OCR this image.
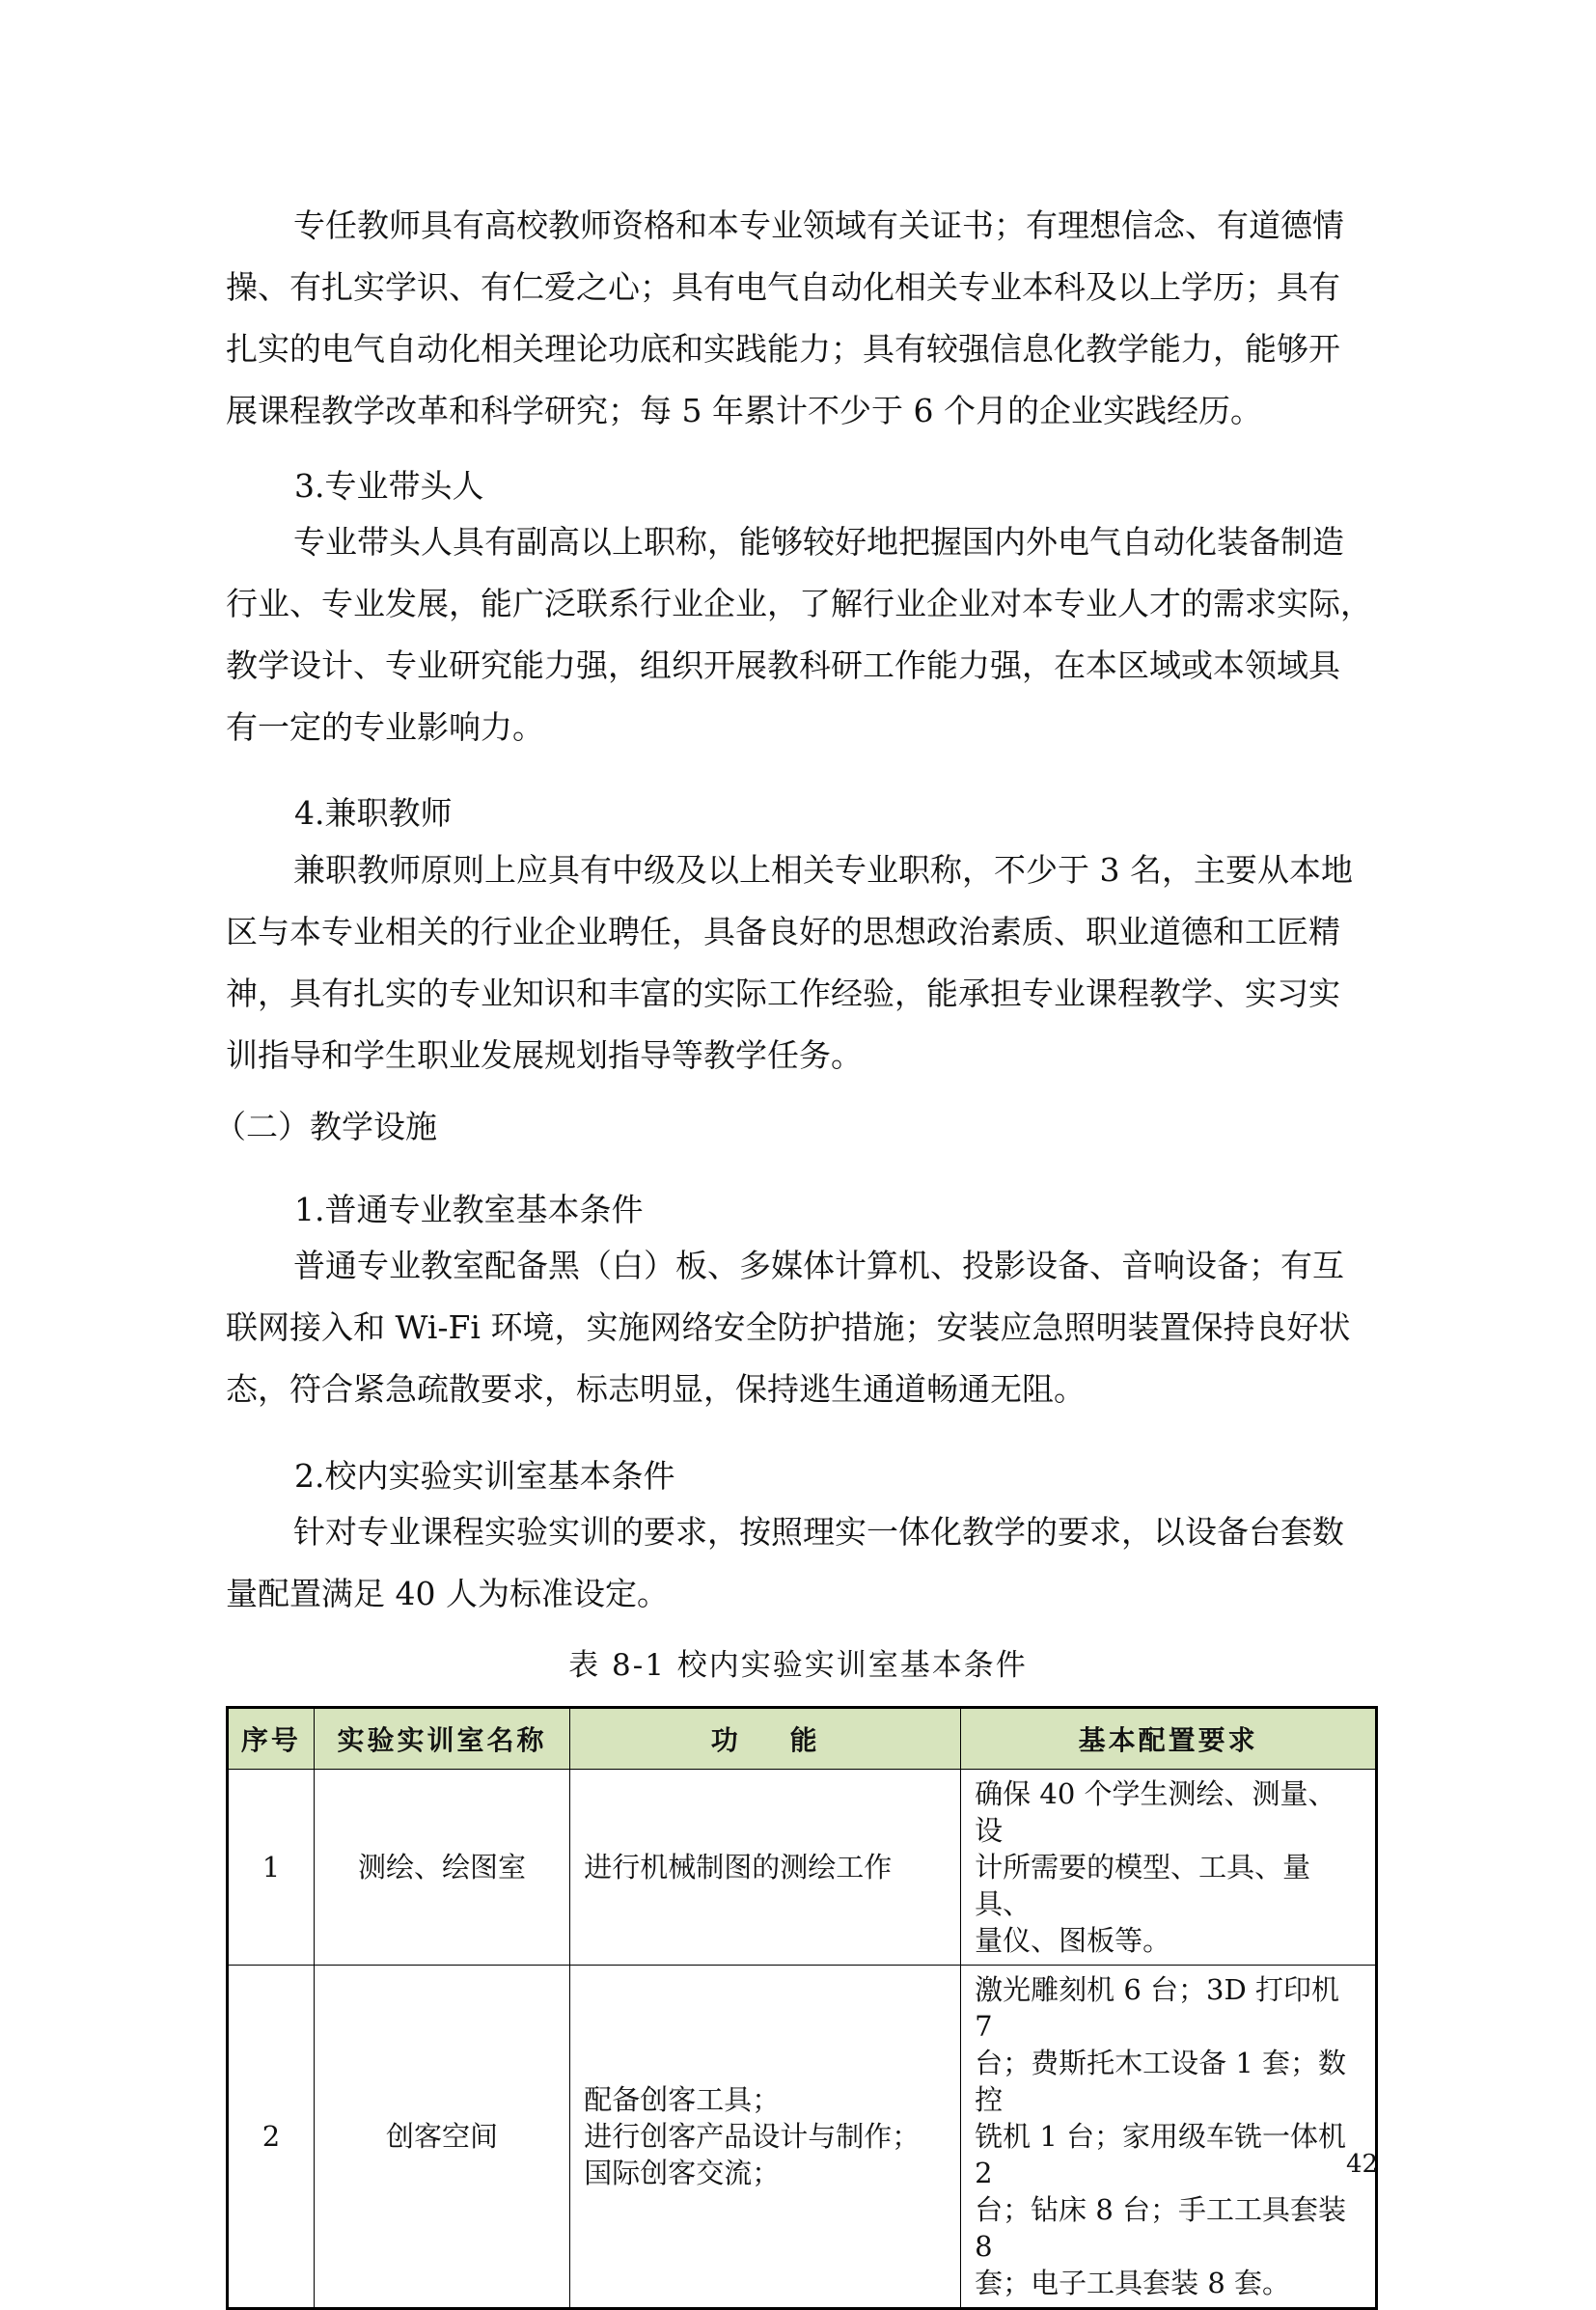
专任教师具有高校教师资格和本专业领域有关证书；有理想信念、有道德情
操、有扎实学识、有仁爱之心；具有电气自动化相关专业本科及以上学历；具有
扎实的电气自动化相关理论功底和实践能力；具有较强信息化教学能力，能够开
展课程教学改革和科学研究；每 5 年累计不少于 6 个月的企业实践经历。
3.专业带头人
专业带头人具有副高以上职称，能够较好地把握国内外电气自动化装备制造
行业、专业发展，能广泛联系行业企业，了解行业企业对本专业人才的需求实际，
教学设计、专业研究能力强，组织开展教科研工作能力强，在本区域或本领域具
有一定的专业影响力。
4.兼职教师
兼职教师原则上应具有中级及以上相关专业职称，不少于 3 名，主要从本地
区与本专业相关的行业企业聘任，具备良好的思想政治素质、职业道德和工匠精
神，具有扎实的专业知识和丰富的实际工作经验，能承担专业课程教学、实习实
训指导和学生职业发展规划指导等教学任务。
（二）教学设施
1.普通专业教室基本条件
普通专业教室配备黑（白）板、多媒体计算机、投影设备、音响设备；有互
联网接入和 Wi-Fi 环境，实施网络安全防护措施；安装应急照明装置保持良好状
态，符合紧急疏散要求，标志明显，保持逃生通道畅通无阻。
2.校内实验实训室基本条件
针对专业课程实验实训的要求，按照理实一体化教学的要求，以设备台套数
量配置满足 40 人为标准设定。
表 8-1 校内实验实训室基本条件
序号	实验实训室名称	功    能	基本配置要求
1	测绘、绘图室	进行机械制图的测绘工作	确保 40 个学生测绘、测量、设
计所需要的模型、工具、量具、
量仪、图板等。

2	创客空间	配备创客工具；
进行创客产品设计与制作；
国际创客交流；	激光雕刻机 6 台；3D 打印机 7
台；费斯托木工设备 1 套；数控
铣机 1 台；家用级车铣一体机 2
台；钻床 8 台；手工工具套装 8
套；电子工具套装 8 套。
42
